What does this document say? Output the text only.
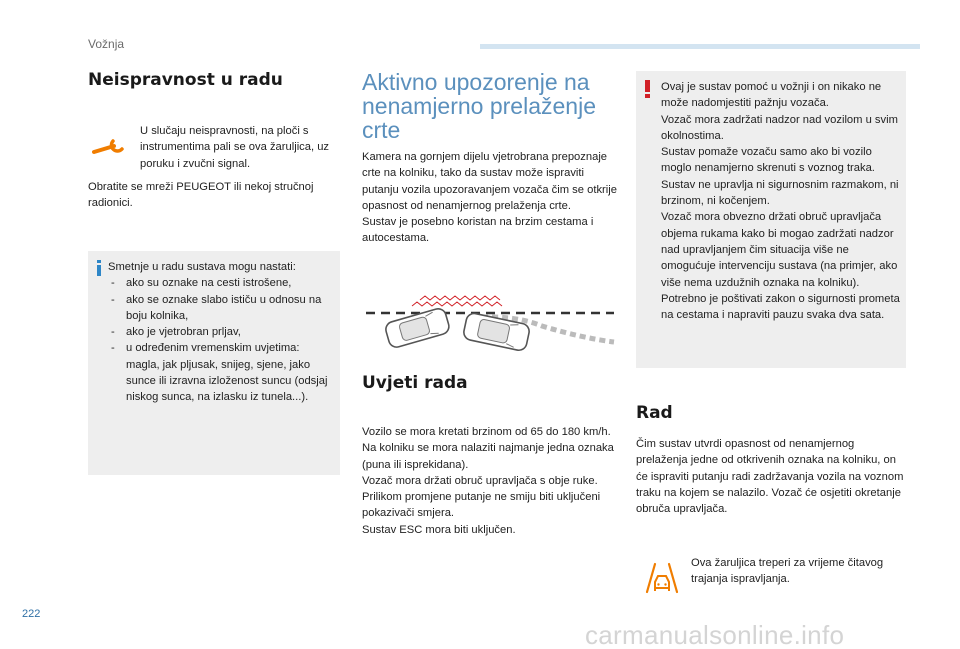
Vožnja
Neispravnost u radu

U slučaju neispravnosti, na ploči s instrumentima pali se ova žaruljica, uz poruku i zvučni signal.

Obratite se mreži PEUGEOT ili nekoj stručnoj radionici.

Smetnje u radu sustava mogu nastati:

- ako su oznake na cesti istrošene,
- ako se oznake slabo ističu u odnosu na boju kolnika,
- ako je vjetrobran prljav,
- u određenim vremenskim uvjetima: magla, jak pljusak, snijeg, sjene, jako sunce ili izravna izloženost suncu (odsjaj niskog sunca, na izlasku iz tunela...).
Aktivno upozorenje na
nenamjerno prelaženje
crte

Kamera na gornjem dijelu vjetrobrana prepoznaje crte na kolniku, tako da sustav može ispraviti putanju vozila upozoravanjem vozača čim se otkrije opasnost od nenamjernog prelaženja crte.

Sustav je posebno koristan na brzim cestama i autocestama.

Uvjeti rada

Vozilo se mora kretati brzinom od 65 do 180 km/h.

Na kolniku se mora nalaziti najmanje jedna oznaka (puna ili isprekidana).

Vozač mora držati obruč upravljača s obje ruke.

Prilikom promjene putanje ne smiju biti uključeni pokazivači smjera.

Sustav ESC mora biti uključen.

Ovaj je sustav pomoć u vožnji i on nikako ne može nadomjestiti pažnju vozača.

Vozač mora zadržati nadzor nad vozilom u svim okolnostima.

Sustav pomaže vozaču samo ako bi vozilo moglo nenamjerno skrenuti s voznog traka. Sustav ne upravlja ni sigurnosnim razmakom, ni brzinom, ni kočenjem.

Vozač mora obvezno držati obruč upravljača objema rukama kako bi mogao zadržati nadzor nad upravljanjem čim situacija više ne omogućuje intervenciju sustava (na primjer, ako više nema uzdužnih oznaka na kolniku).

Potrebno je poštivati zakon o sigurnosti prometa na cestama i napraviti pauzu svaka dva sata.

Rad

Čim sustav utvrdi opasnost od nenamjernog prelaženja jedne od otkrivenih oznaka na kolniku, on će ispraviti putanju radi zadržavanja vozila na voznom traku na kojem se nalazilo. Vozač će osjetiti okretanje obruča upravljača.

Ova žaruljica treperi za vrijeme čitavog trajanja ispravljanja.

222
carmanualsonline.info
